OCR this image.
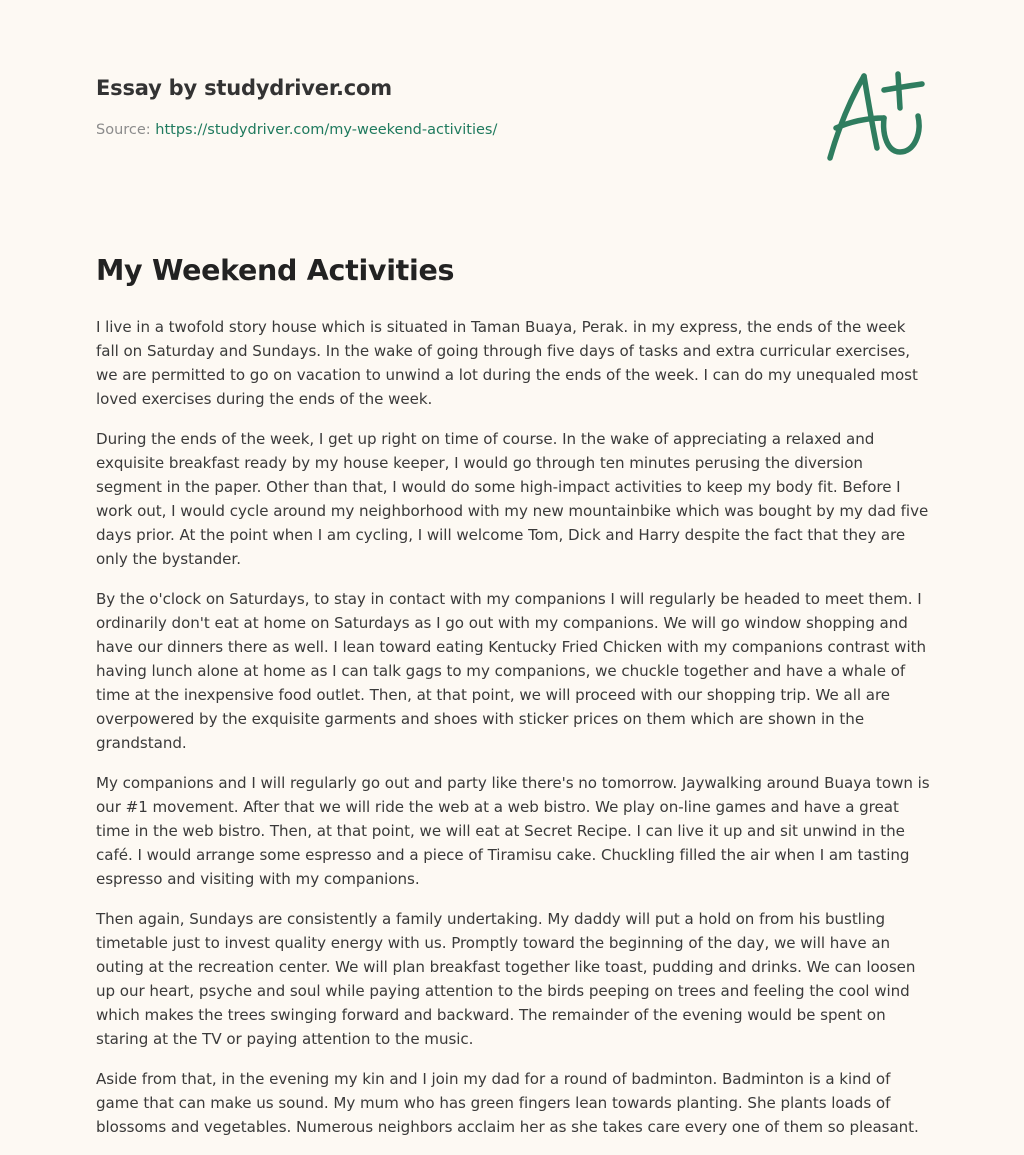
Essay by studydriver.com
Source: https://studydriver.com/my-weekend-activities/
My Weekend Activities

I live in a twofold story house which is situated in Taman Buaya, Perak. in my express, the ends of the week fall on Saturday and Sundays. In the wake of going through five days of tasks and extra curricular exercises, we are permitted to go on vacation to unwind a lot during the ends of the week. I can do my unequaled most loved exercises during the ends of the week.

During the ends of the week, I get up right on time of course. In the wake of appreciating a relaxed and exquisite breakfast ready by my house keeper, I would go through ten minutes perusing the diversion segment in the paper. Other than that, I would do some high-impact activities to keep my body fit. Before I work out, I would cycle around my neighborhood with my new mountainbike which was bought by my dad five days prior. At the point when I am cycling, I will welcome Tom, Dick and Harry despite the fact that they are only the bystander.

By the o'clock on Saturdays, to stay in contact with my companions I will regularly be headed to meet them. I ordinarily don't eat at home on Saturdays as I go out with my companions. We will go window shopping and have our dinners there as well. I lean toward eating Kentucky Fried Chicken with my companions contrast with having lunch alone at home as I can talk gags to my companions, we chuckle together and have a whale of time at the inexpensive food outlet. Then, at that point, we will proceed with our shopping trip. We all are overpowered by the exquisite garments and shoes with sticker prices on them which are shown in the grandstand.

My companions and I will regularly go out and party like there's no tomorrow. Jaywalking around Buaya town is our #1 movement. After that we will ride the web at a web bistro. We play on-line games and have a great time in the web bistro. Then, at that point, we will eat at Secret Recipe. I can live it up and sit unwind in the café. I would arrange some espresso and a piece of Tiramisu cake. Chuckling filled the air when I am tasting espresso and visiting with my companions.

Then again, Sundays are consistently a family undertaking. My daddy will put a hold on from his bustling timetable just to invest quality energy with us. Promptly toward the beginning of the day, we will have an outing at the recreation center. We will plan breakfast together like toast, pudding and drinks. We can loosen up our heart, psyche and soul while paying attention to the birds peeping on trees and feeling the cool wind which makes the trees swinging forward and backward. The remainder of the evening would be spent on staring at the TV or paying attention to the music.

Aside from that, in the evening my kin and I join my dad for a round of badminton. Badminton is a kind of game that can make us sound. My mum who has green fingers lean towards planting. She plants loads of blossoms and vegetables. Numerous neighbors acclaim her as she takes care every one of them so pleasant.
